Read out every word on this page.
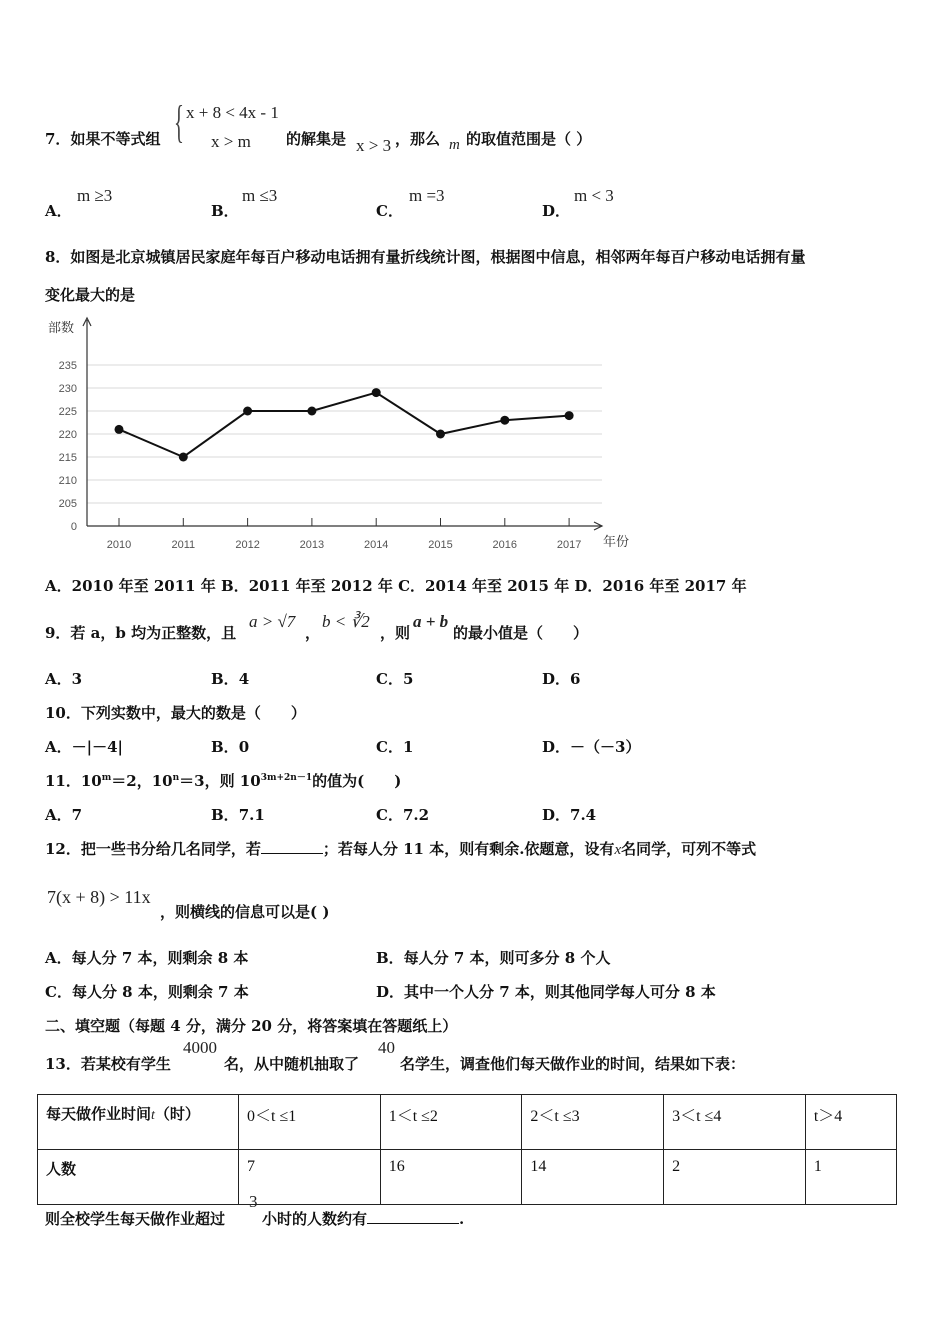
7．如果不等式组 { x + 8 < 4x - 1
x > m 的解集是 x > 3 ，那么 m 的取值范围是（ ）
A．
m ≥3
B．
m ≤3
C．
m =3
D．
m < 3
8．如图是北京城镇居民家庭年每百户移动电话拥有量折线统计图，根据图中信息，相邻两年每百户移动电话拥有量
变化最大的是
0
205
210
215
220
225
230
235
2010	2011	2012	2013	2014	2015	2016	2017
部数
年份
A．2010 年至 2011 年 B．2011 年至 2012 年 C．2014 年至 2015 年 D．2016 年至 2017 年
9．若 a，b 均为正整数，且
a > √7
，
b < ∛2
，则
a + b
的最小值是（　　）
A．3	B．4	C．5	D．6
10．下列实数中，最大的数是（　　）
A．－|－4|	B．0	C．1	D．－（－3）
11．$10^m=2$，$10^n=3$，则 $10^{3m+2n-1}$的值为(　　)
A．7	B．7.1	C．7.2	D．7.4
12．把一些书分给几名同学，若	；若每人分 11 本，则有剩余.依题意，设有x名同学，可列不等式
7(x + 8) > 11x
，则横线的信息可以是( )
A．每人分 7 本，则剩余 8 本	B．每人分 7 本，则可多分 8 个人
C．每人分 8 本，则剩余 7 本	D．其中一个人分 7 本，则其他同学每人可分 8 本
二、填空题（每题 4 分，满分 20 分，将答案填在答题纸上）
13．若某校有学生
4000
名，从中随机抽取了
40
名学生，调查他们每天做作业的时间，结果如下表：
每天做作业时间t（时）	0＜t ≤1	1＜t ≤2	2＜t ≤3	3＜t ≤4	t＞4
人数	7	16	14	2	1
则全校学生每天做作业超过
3
小时的人数约有	.
